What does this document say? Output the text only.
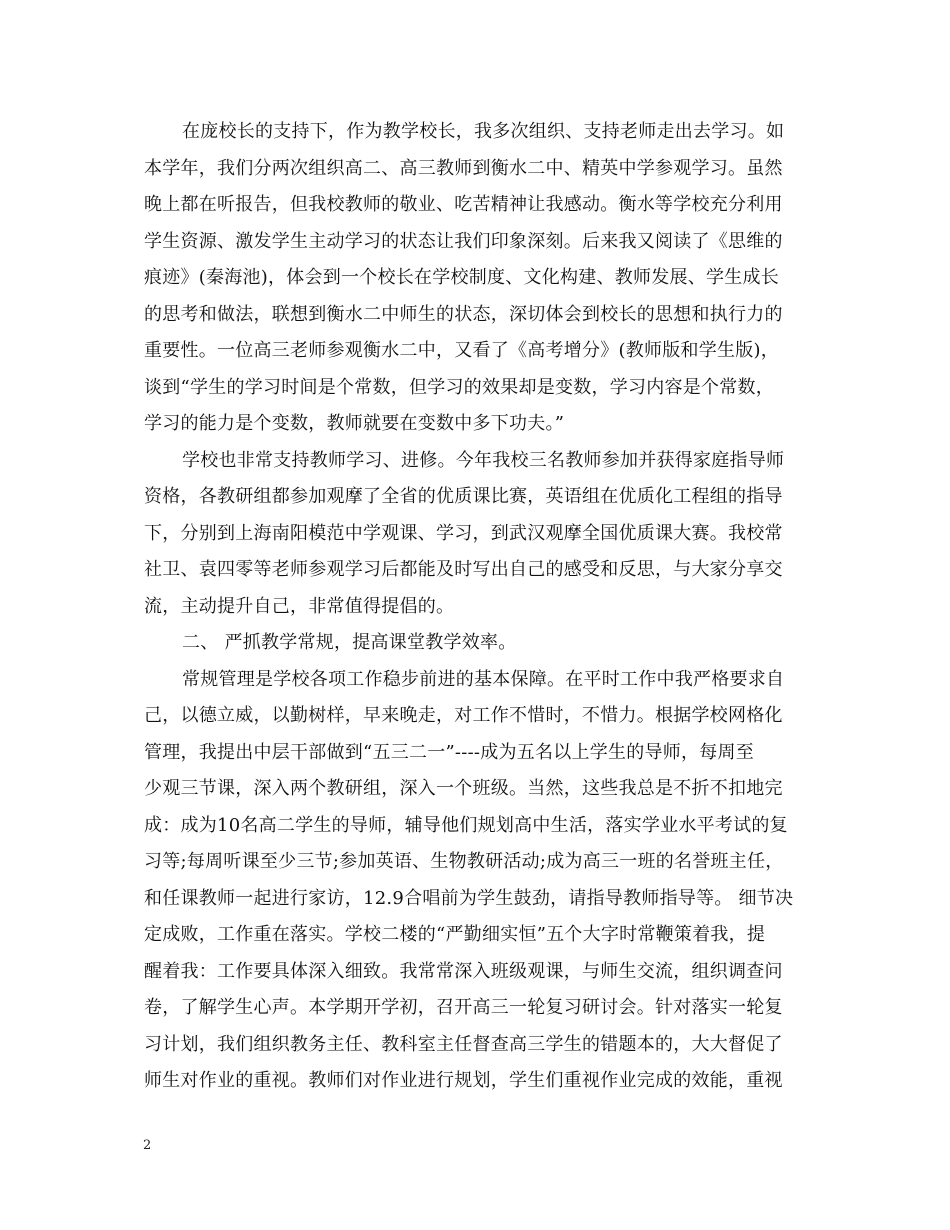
在庞校长的支持下，作为教学校长，我多次组织、支持老师走出去学习。如
本学年，我们分两次组织高二、高三教师到衡水二中、精英中学参观学习。虽然
晚上都在听报告，但我校教师的敬业、吃苦精神让我感动。衡水等学校充分利用
学生资源、激发学生主动学习的状态让我们印象深刻。后来我又阅读了《思维的
痕迹》(秦海池)，体会到一个校长在学校制度、文化构建、教师发展、学生成长
的思考和做法，联想到衡水二中师生的状态，深切体会到校长的思想和执行力的
重要性。一位高三老师参观衡水二中，又看了《高考增分》(教师版和学生版)，
谈到“学生的学习时间是个常数，但学习的效果却是变数，学习内容是个常数，
学习的能力是个变数，教师就要在变数中多下功夫。”
学校也非常支持教师学习、进修。今年我校三名教师参加并获得家庭指导师
资格，各教研组都参加观摩了全省的优质课比赛，英语组在优质化工程组的指导
下，分别到上海南阳模范中学观课、学习，到武汉观摩全国优质课大赛。我校常
社卫、袁四零等老师参观学习后都能及时写出自己的感受和反思，与大家分享交
流，主动提升自己，非常值得提倡的。
二、 严抓教学常规，提高课堂教学效率。
常规管理是学校各项工作稳步前进的基本保障。在平时工作中我严格要求自
己，以德立威，以勤树样，早来晚走，对工作不惜时，不惜力。根据学校网格化
管理，我提出中层干部做到“五三二一”----成为五名以上学生的导师，每周至
少观三节课，深入两个教研组，深入一个班级。当然，这些我总是不折不扣地完
成：成为10名高二学生的导师，辅导他们规划高中生活，落实学业水平考试的复
习等;每周听课至少三节;参加英语、生物教研活动;成为高三一班的名誉班主任，
和任课教师一起进行家访，12.9合唱前为学生鼓劲，请指导教师指导等。 细节决
定成败，工作重在落实。学校二楼的“严勤细实恒”五个大字时常鞭策着我，提
醒着我：工作要具体深入细致。我常常深入班级观课，与师生交流，组织调查问
卷，了解学生心声。本学期开学初，召开高三一轮复习研讨会。针对落实一轮复
习计划，我们组织教务主任、教科室主任督查高三学生的错题本的，大大督促了
师生对作业的重视。教师们对作业进行规划，学生们重视作业完成的效能，重视
2
